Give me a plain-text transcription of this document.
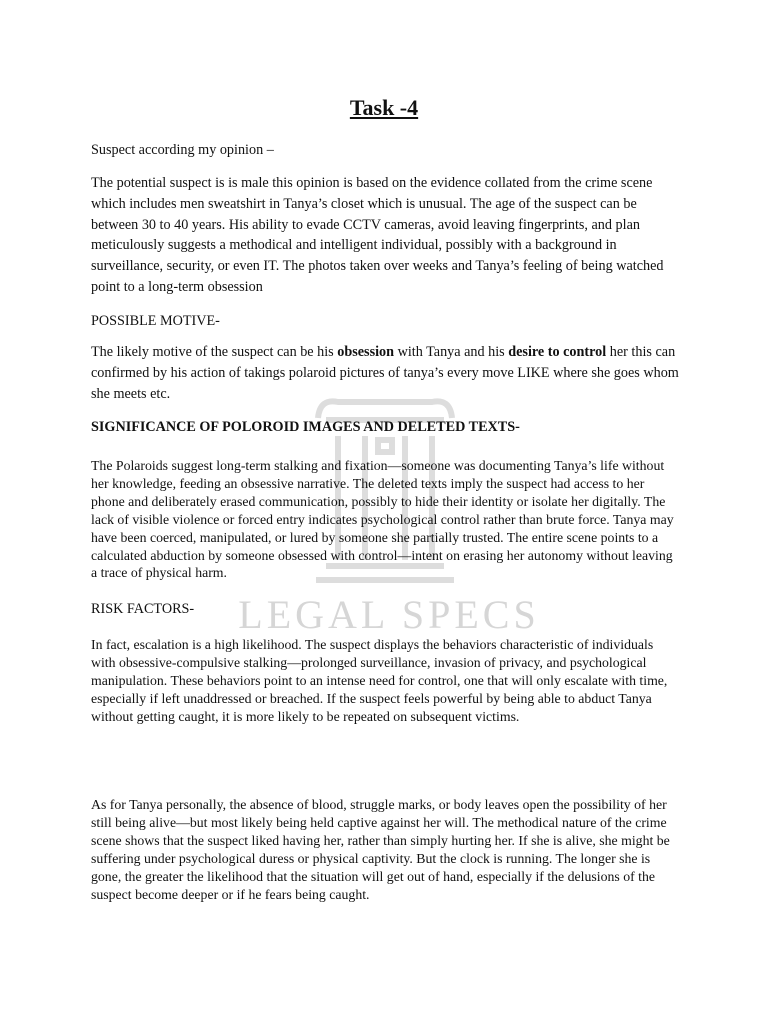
LEGAL SPECS
Task -4

Suspect according my opinion –

The potential suspect is is male this opinion is based on the evidence collated from the crime scene which includes men sweatshirt in Tanya’s closet which is unusual. The age of the suspect can be between 30 to 40 years. His ability to evade CCTV cameras, avoid leaving fingerprints, and plan meticulously suggests a methodical and intelligent individual, possibly with a background in surveillance, security, or even IT. The photos taken over weeks and Tanya’s feeling of being watched point to a long-term obsession

POSSIBLE MOTIVE-

The likely motive of the suspect can be his obsession with Tanya and his desire to control her this can confirmed by his action of takings polaroid pictures of tanya’s every move LIKE where she goes whom she meets etc.

SIGNIFICANCE OF POLOROID IMAGES AND DELETED TEXTS-

The Polaroids suggest long-term stalking and fixation—someone was documenting Tanya’s life without her knowledge, feeding an obsessive narrative. The deleted texts imply the suspect had access to her phone and deliberately erased communication, possibly to hide their identity or isolate her digitally. The lack of visible violence or forced entry indicates psychological control rather than brute force. Tanya may have been coerced, manipulated, or lured by someone she partially trusted. The entire scene points to a calculated abduction by someone obsessed with control—intent on erasing her autonomy without leaving a trace of physical harm.

RISK FACTORS-

In fact, escalation is a high likelihood. The suspect displays the behaviors characteristic of individuals with obsessive-compulsive stalking—prolonged surveillance, invasion of privacy, and psychological manipulation. These behaviors point to an intense need for control, one that will only escalate with time, especially if left unaddressed or breached. If the suspect feels powerful by being able to abduct Tanya without getting caught, it is more likely to be repeated on subsequent victims.

As for Tanya personally, the absence of blood, struggle marks, or body leaves open the possibility of her still being alive—but most likely being held captive against her will. The methodical nature of the crime scene shows that the suspect liked having her, rather than simply hurting her. If she is alive, she might be suffering under psychological duress or physical captivity. But the clock is running. The longer she is gone, the greater the likelihood that the situation will get out of hand, especially if the delusions of the suspect become deeper or if he fears being caught.
